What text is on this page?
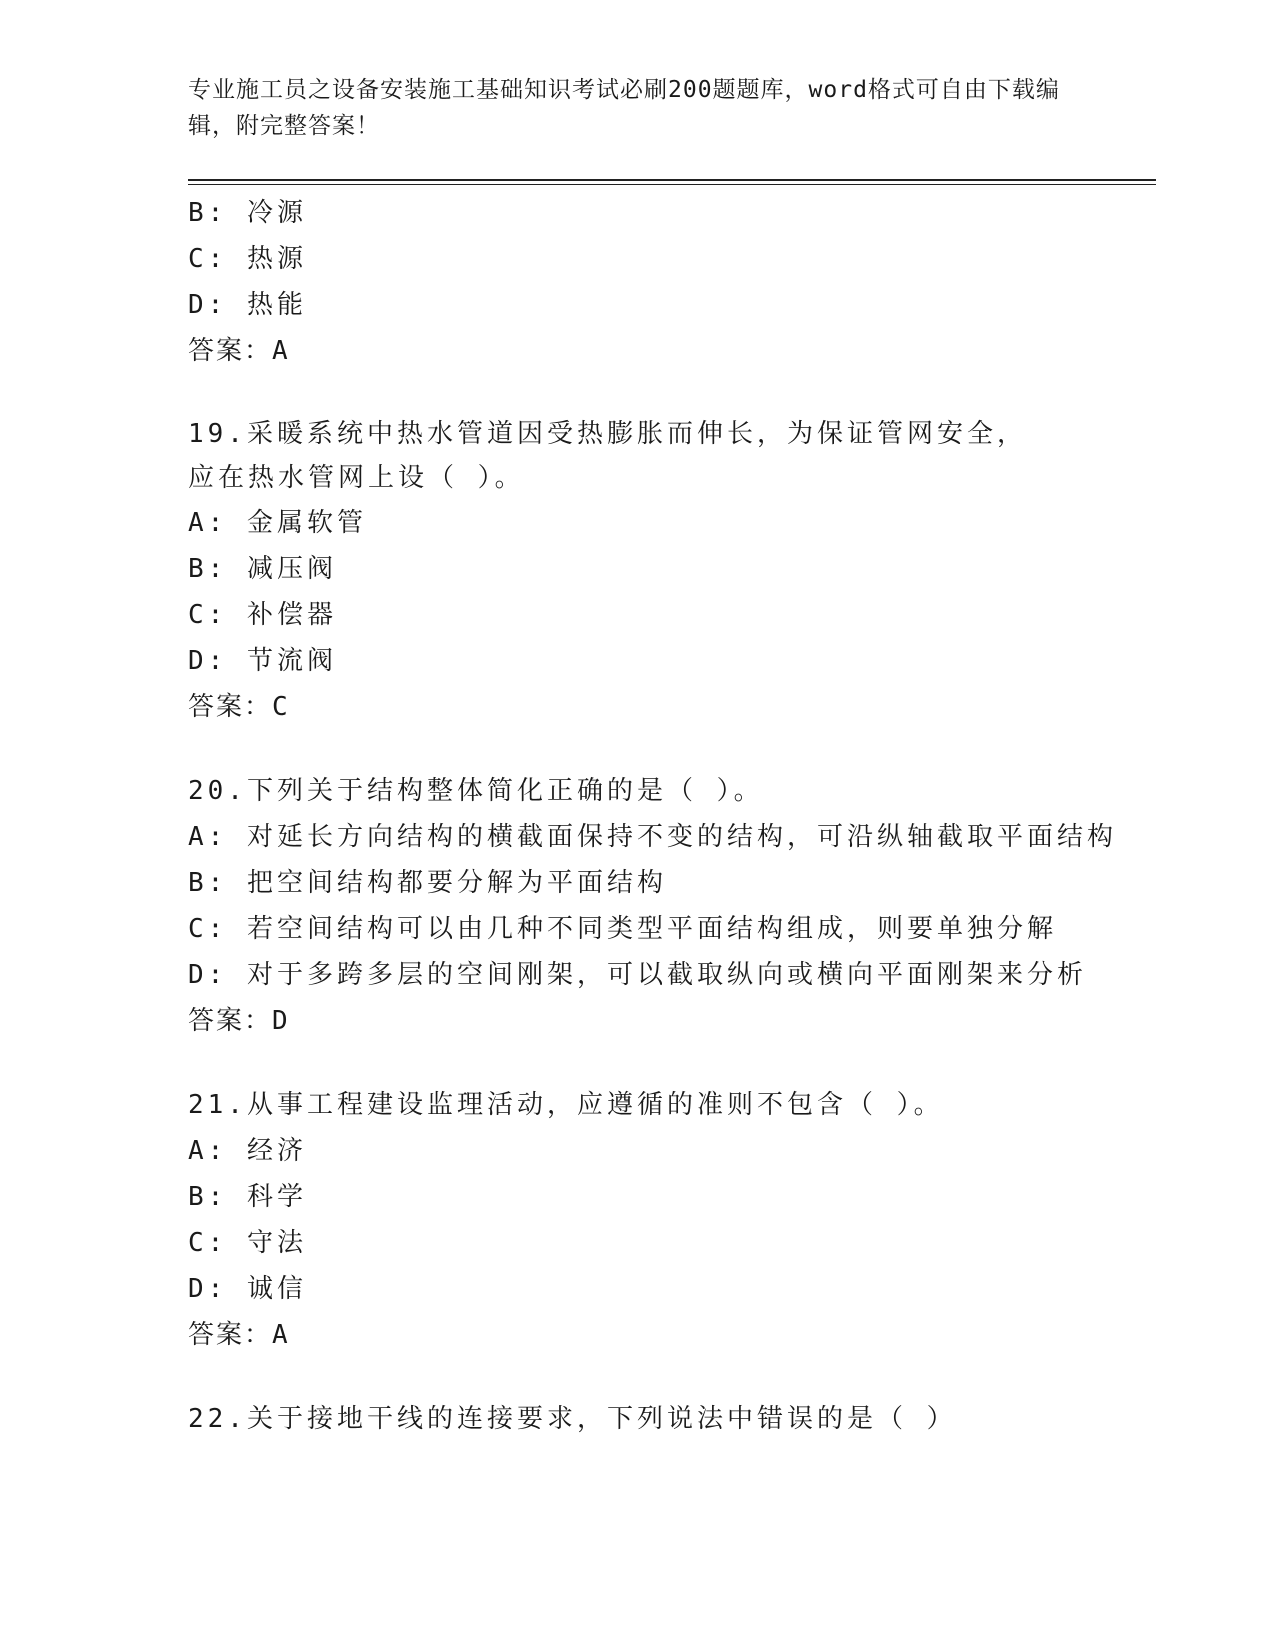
专业施工员之设备安装施工基础知识考试必刷200题题库，word格式可自由下载编辑，附完整答案！
B: 冷源
C: 热源
D: 热能
答案：A
19.采暖系统中热水管道因受热膨胀而伸长，为保证管网安全，应在热水管网上设（ ）。
A: 金属软管
B: 减压阀
C: 补偿器
D: 节流阀
答案：C
20.下列关于结构整体简化正确的是（ ）。
A: 对延长方向结构的横截面保持不变的结构，可沿纵轴截取平面结构
B: 把空间结构都要分解为平面结构
C: 若空间结构可以由几种不同类型平面结构组成，则要单独分解
D: 对于多跨多层的空间刚架，可以截取纵向或横向平面刚架来分析
答案：D
21.从事工程建设监理活动，应遵循的准则不包含（ ）。
A: 经济
B: 科学
C: 守法
D: 诚信
答案：A
22.关于接地干线的连接要求，下列说法中错误的是（ ）
